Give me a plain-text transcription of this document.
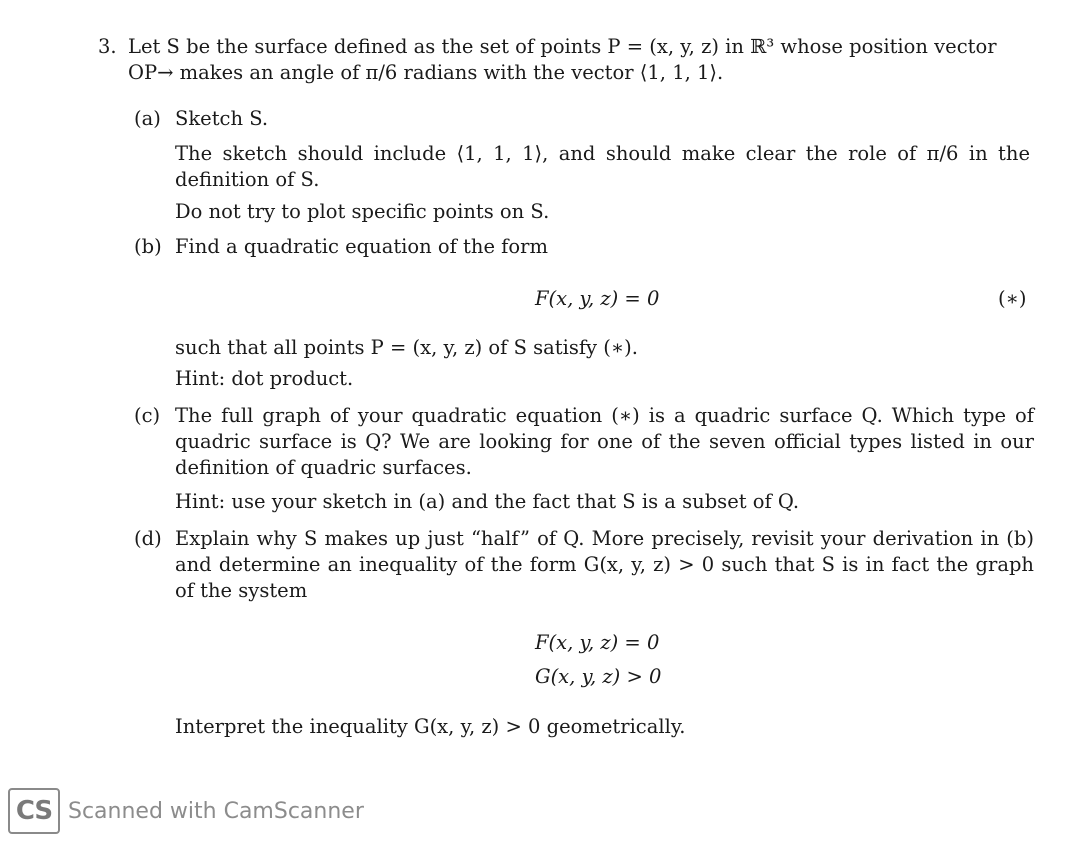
3. Let S be the surface defined as the set of points P = (x, y, z) in ℝ³ whose position vector OP→ makes an angle of π/6 radians with the vector ⟨1, 1, 1⟩.
(a) Sketch S.
The sketch should include ⟨1, 1, 1⟩, and should make clear the role of π/6 in the definition of S.
Do not try to plot specific points on S.
(b) Find a quadratic equation of the form
F(x, y, z) = 0	(∗)
such that all points P = (x, y, z) of S satisfy (∗).
Hint: dot product.
(c) The full graph of your quadratic equation (∗) is a quadric surface Q. Which type of quadric surface is Q? We are looking for one of the seven official types listed in our definition of quadric surfaces.
Hint: use your sketch in (a) and the fact that S is a subset of Q.
(d) Explain why S makes up just “half” of Q. More precisely, revisit your derivation in (b) and determine an inequality of the form G(x, y, z) > 0 such that S is in fact the graph of the system
F(x, y, z) = 0
G(x, y, z) > 0
Interpret the inequality G(x, y, z) > 0 geometrically.
CS Scanned with CamScanner
